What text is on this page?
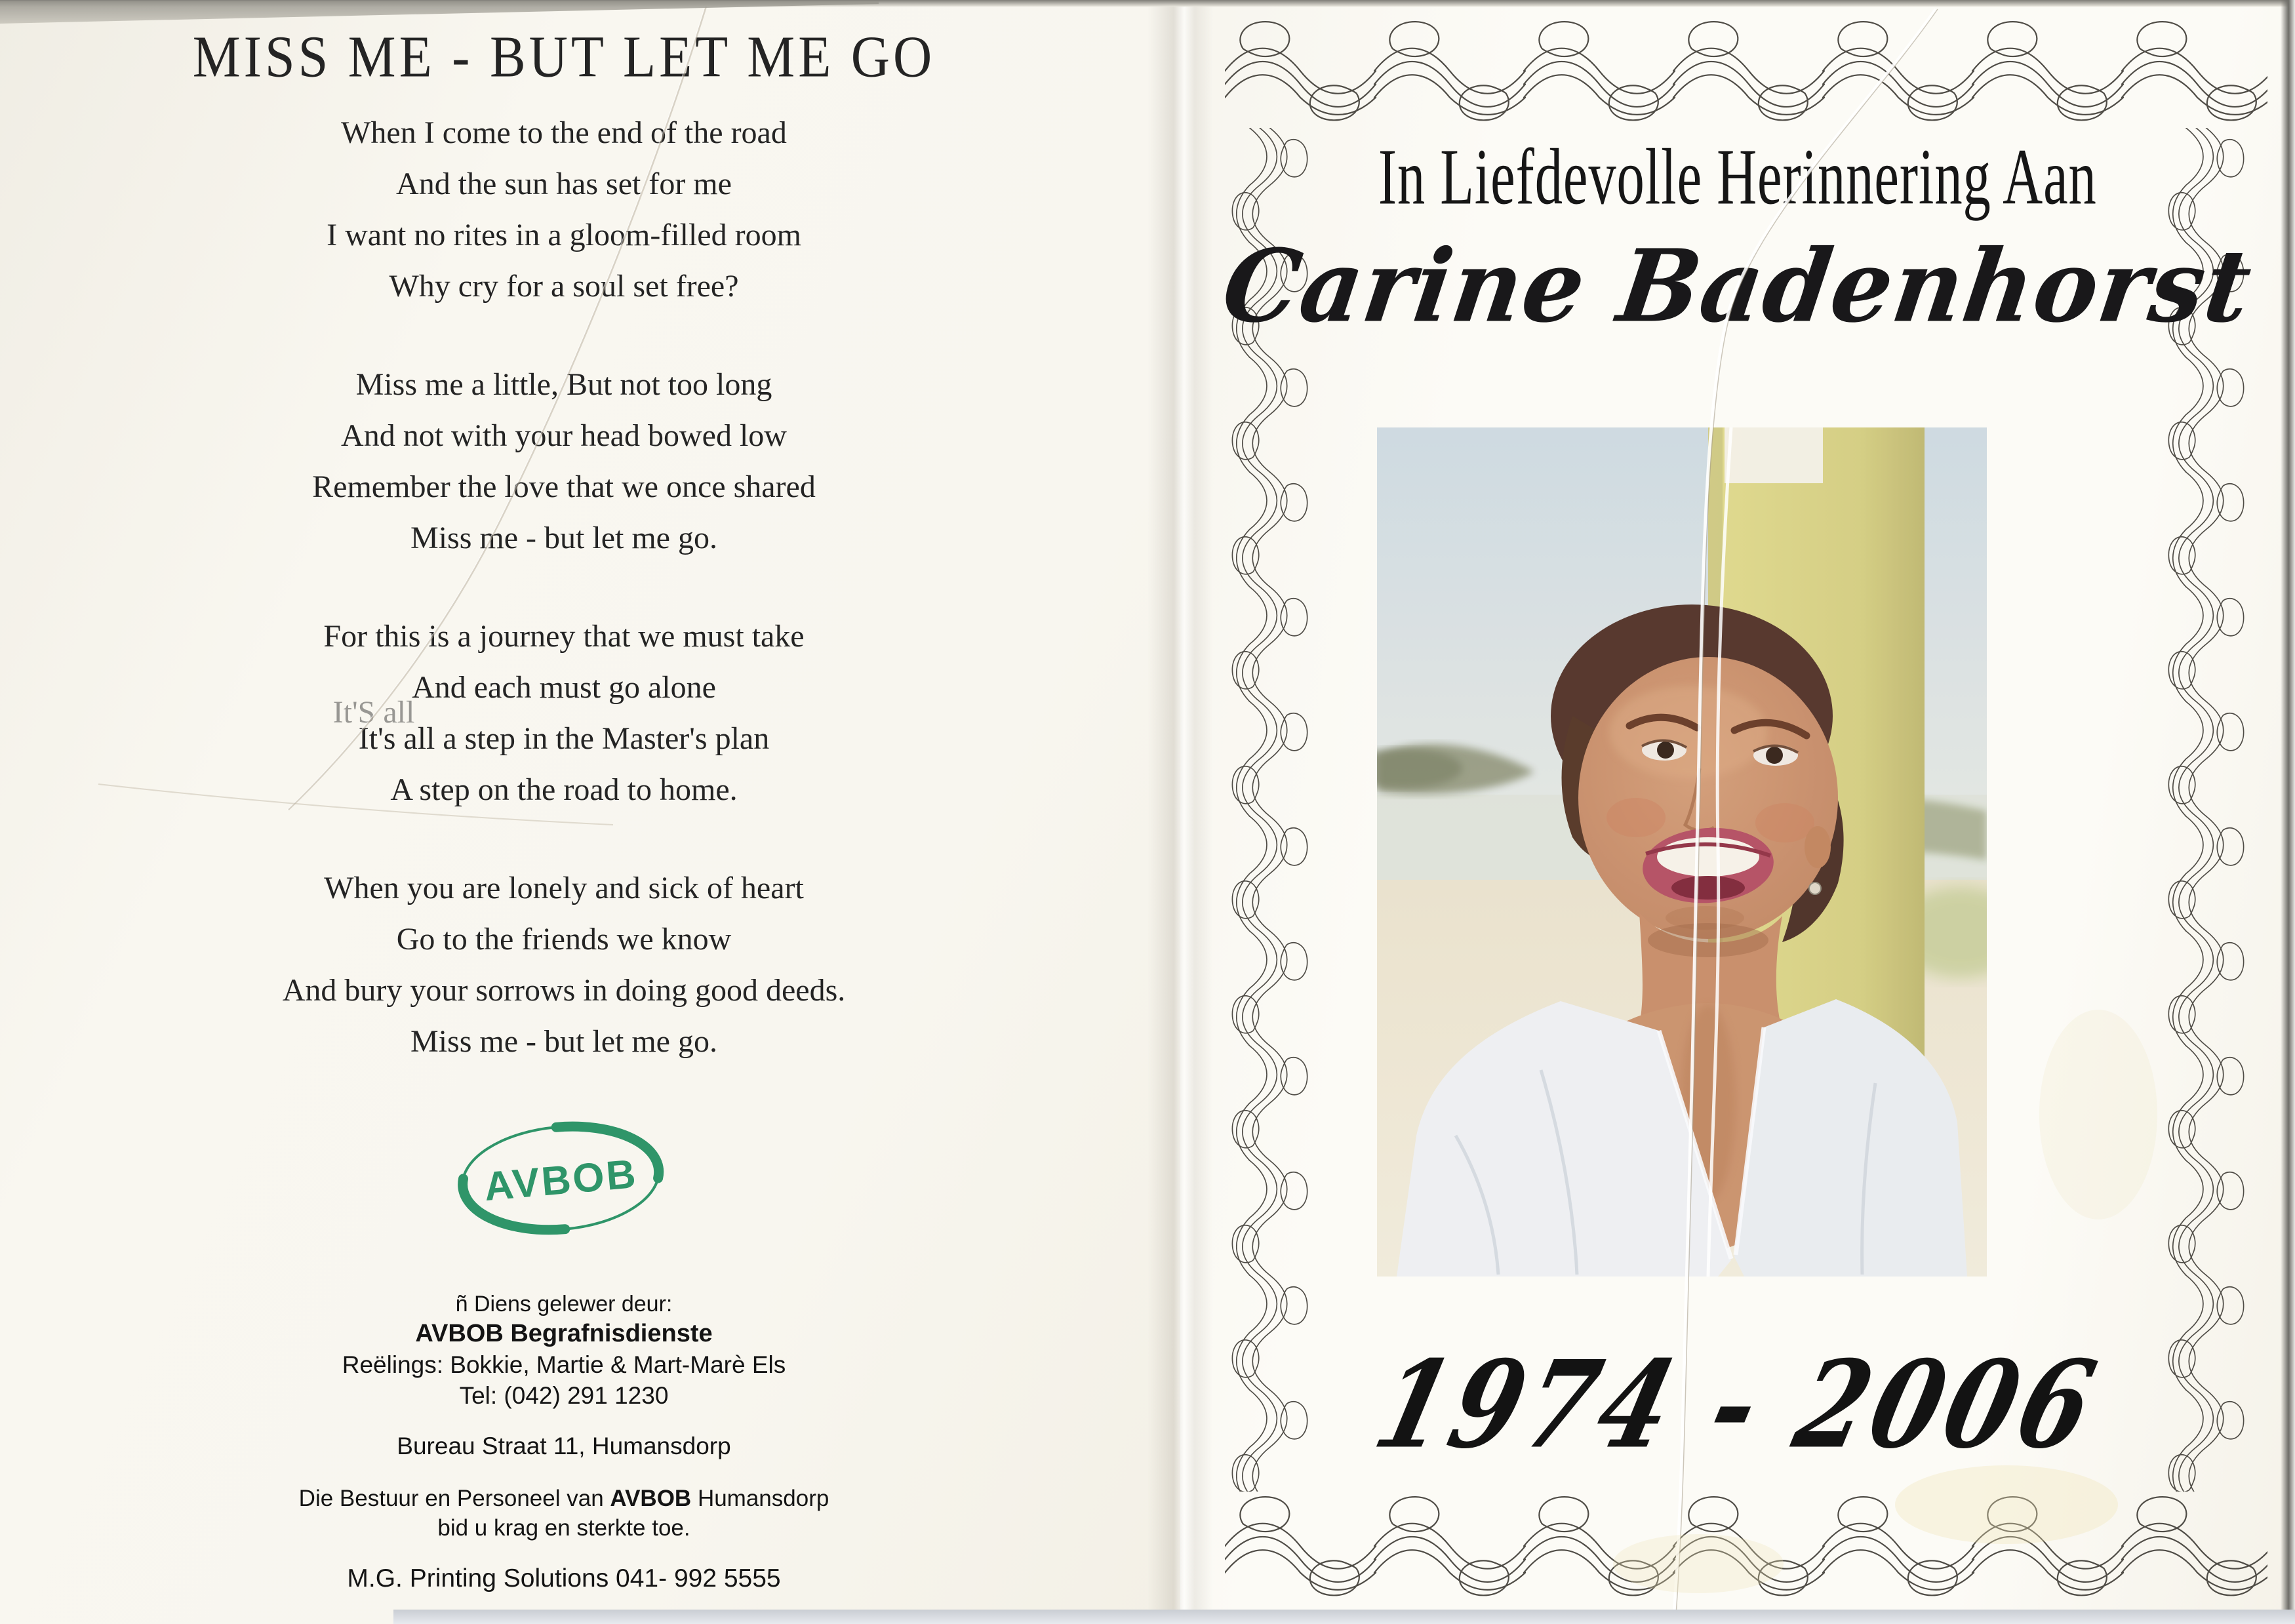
MISS ME - BUT LET ME GO

When I come to the end of the road

And the sun has set for me

I want no rites in a gloom-filled room

Why cry for a soul set free?

Miss me a little, But not too long

And not with your head bowed low

Remember the love that we once shared

Miss me - but let me go.

For this is a journey that we must take

And each must go alone

It'S all
It's all a step in the Master's plan

A step on the road to home.

When you are lonely and sick of heart

Go to the friends we know

And bury your sorrows in doing good deeds.

Miss me - but let me go.

AVBOB

ñ Diens gelewer deur:

AVBOB Begrafnisdienste

Reëlings: Bokkie, Martie & Mart-Marè Els

Tel: (042) 291 1230

Bureau Straat 11, Humansdorp

Die Bestuur en Personeel van AVBOB Humansdorp

bid u krag en sterkte toe.

M.G. Printing Solutions 041- 992 5555

In Liefdevolle Herinnering Aan
Carine Badenhorst
1974 - 2006
